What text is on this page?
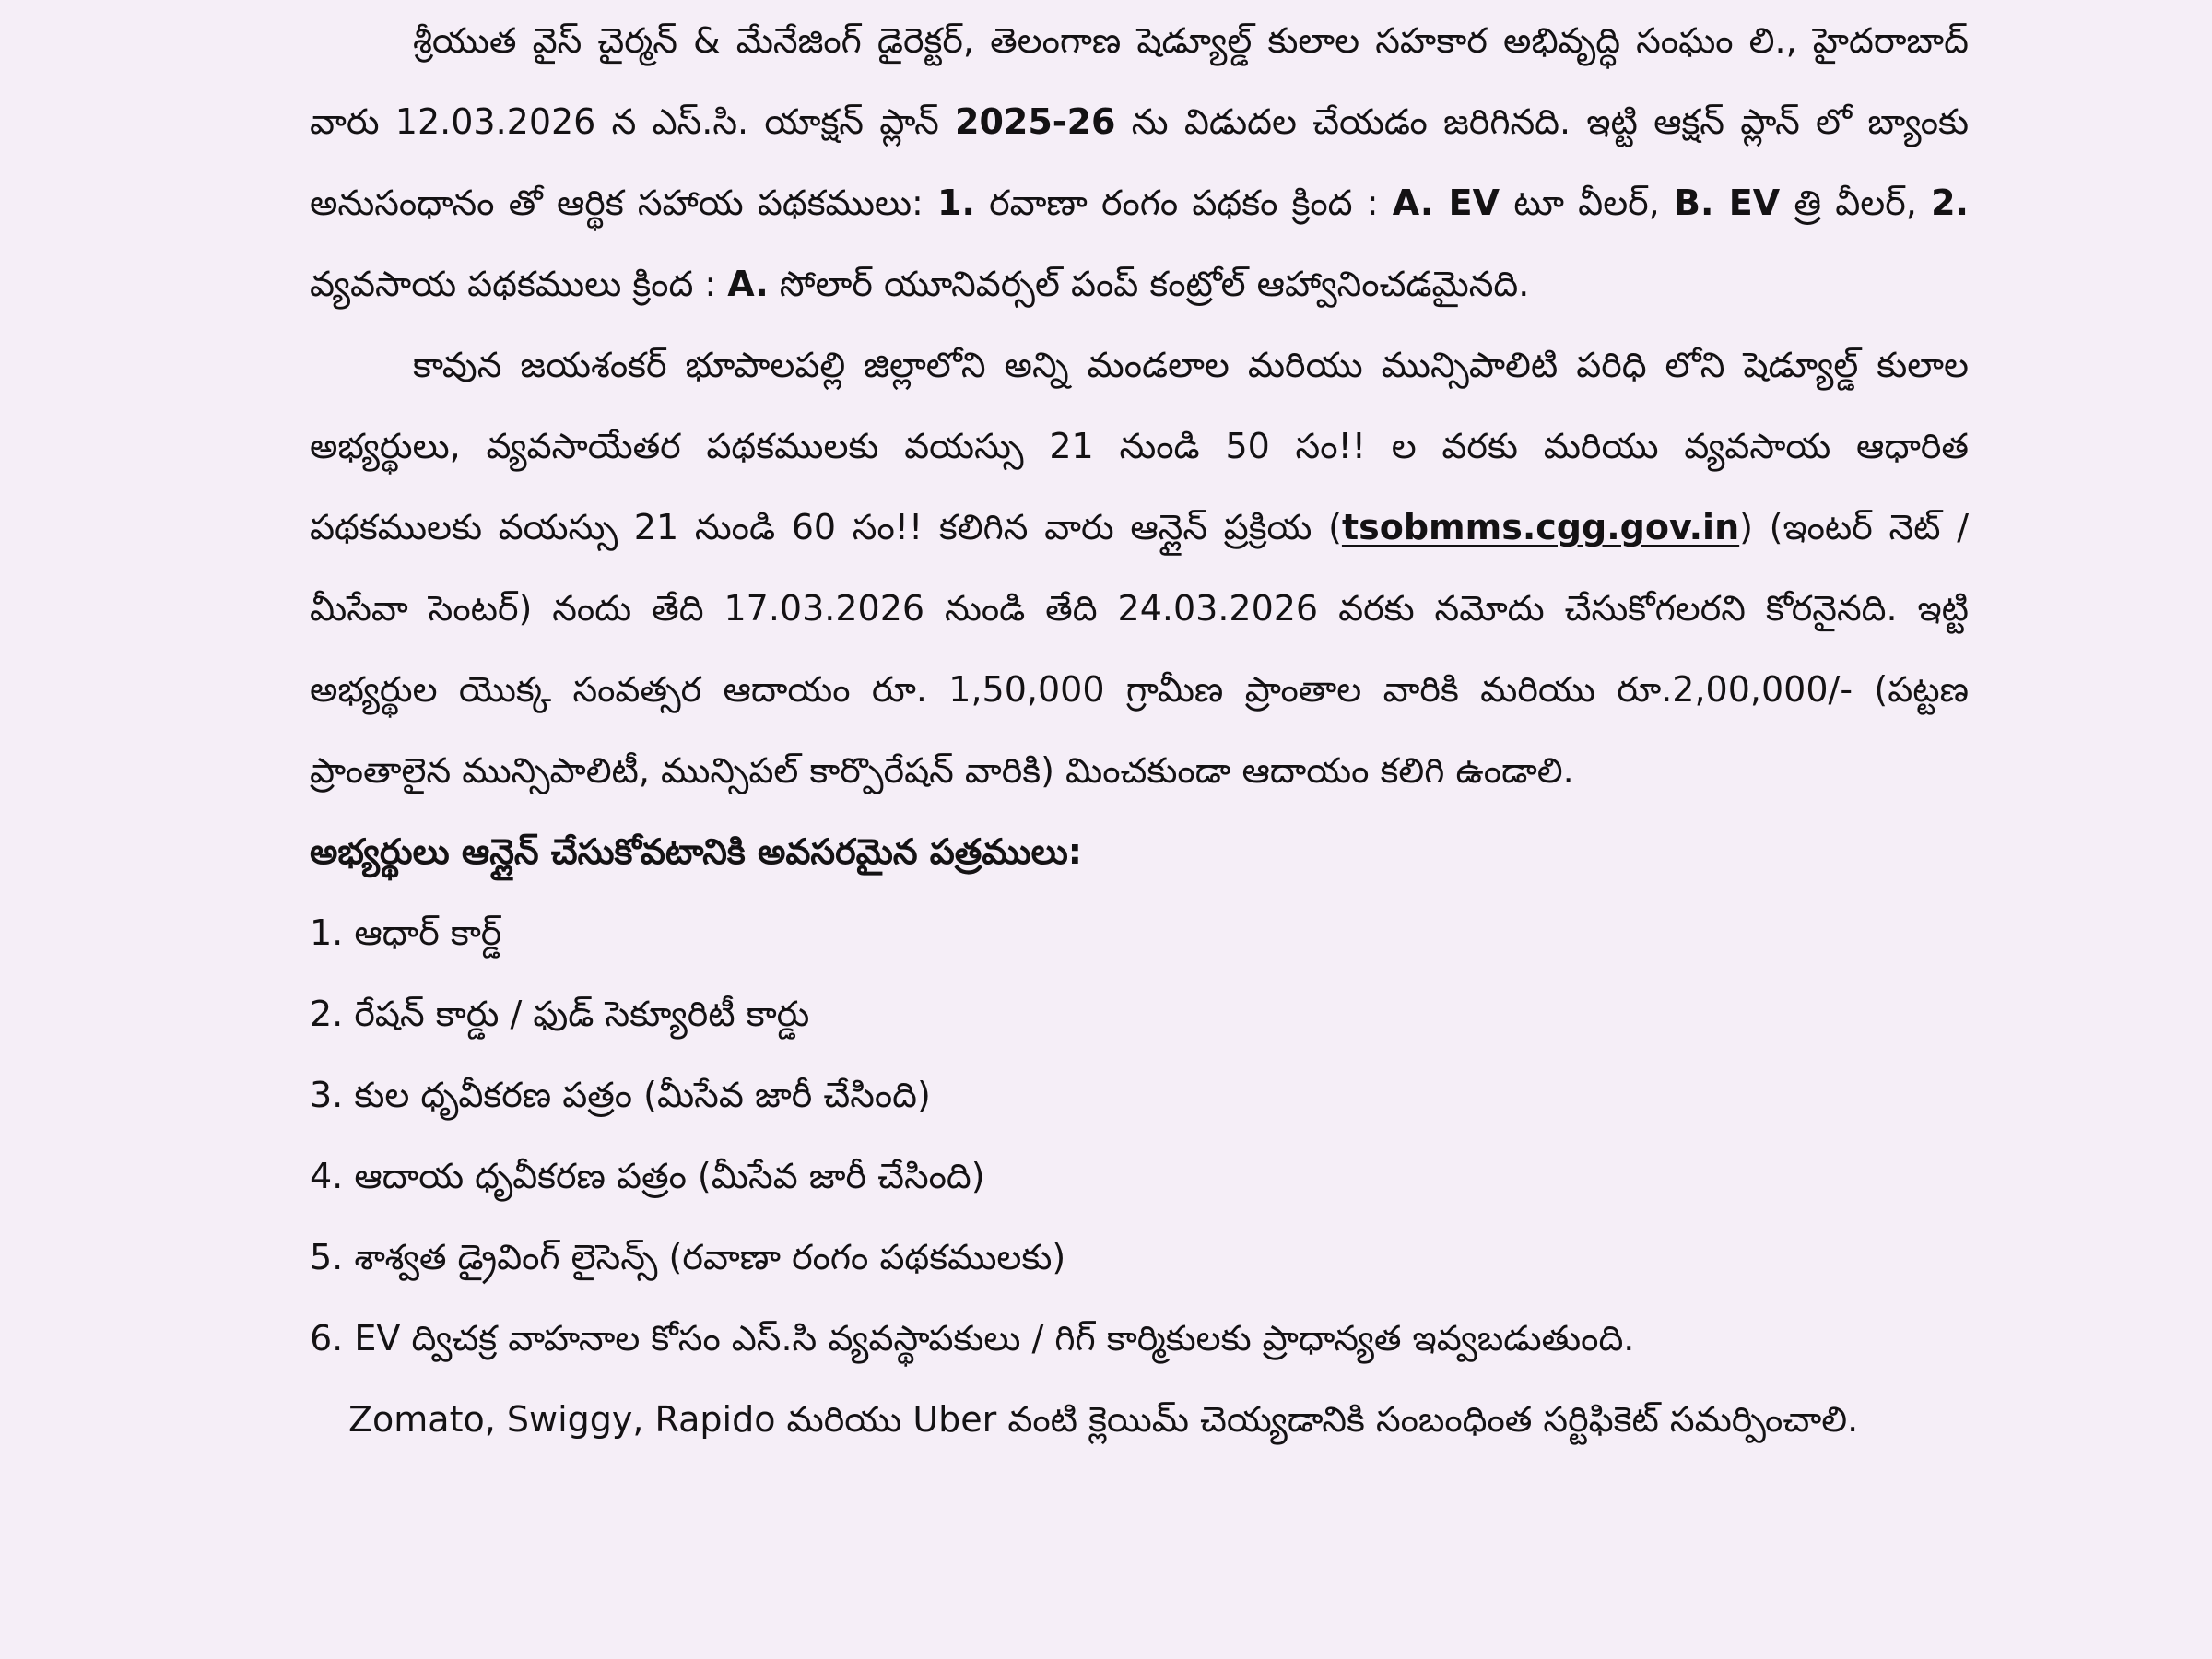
శ్రీయుత వైస్ చైర్మన్ & మేనేజింగ్ డైరెక్టర్, తెలంగాణ షెడ్యూల్డ్ కులాల సహకార అభివృద్ధి సంఘం లి., హైదరాబాద్ వారు 12.03.2026 న ఎస్.సి. యాక్షన్ ప్లాన్ 2025-26 ను విడుదల చేయడం జరిగినది. ఇట్టి ఆక్షన్ ప్లాన్ లో బ్యాంకు అనుసంధానం తో ఆర్థిక సహాయ పథకములు: 1. రవాణా రంగం పథకం క్రింద : A. EV టూ వీలర్, B. EV త్రి వీలర్, 2. వ్యవసాయ పథకములు క్రింద : A. సోలార్ యూనివర్సల్ పంప్ కంట్రోల్ ఆహ్వానించడమైనది.

కావున జయశంకర్ భూపాలపల్లి జిల్లాలోని అన్ని మండలాల మరియు మున్సిపాలిటి పరిధి లోని షెడ్యూల్డ్ కులాల అభ్యర్థులు, వ్యవసాయేతర పథకములకు వయస్సు 21 నుండి 50 సం!! ల వరకు మరియు వ్యవసాయ ఆధారిత పథకములకు వయస్సు 21 నుండి 60 సం!! కలిగిన వారు ఆన్లైన్ ప్రక్రియ (tsobmms.cgg.gov.in) (ఇంటర్ నెట్ / మీసేవా సెంటర్) నందు తేది 17.03.2026 నుండి తేది 24.03.2026 వరకు నమోదు చేసుకోగలరని కోరనైనది. ఇట్టి అభ్యర్థుల యొక్క సంవత్సర ఆదాయం రూ. 1,50,000 గ్రామీణ ప్రాంతాల వారికి మరియు రూ.2,00,000/- (పట్టణ ప్రాంతాలైన మున్సిపాలిటీ, మున్సిపల్ కార్పొరేషన్ వారికి) మించకుండా ఆదాయం కలిగి ఉండాలి.

అభ్యర్థులు ఆన్లైన్ చేసుకోవటానికి అవసరమైన పత్రములు:

1. ఆధార్ కార్డ్
2. రేషన్ కార్డు / ఫుడ్ సెక్యూరిటీ కార్డు
3. కుల ధృవీకరణ పత్రం (మీసేవ జారీ చేసింది)
4. ఆదాయ ధృవీకరణ పత్రం (మీసేవ జారీ చేసింది)
5. శాశ్వత డ్రైవింగ్ లైసెన్స్ (రవాణా రంగం పథకములకు)
6. EV ద్విచక్ర వాహనాల కోసం ఎస్.సి వ్యవస్థాపకులు / గిగ్ కార్మికులకు ప్రాధాన్యత ఇవ్వబడుతుంది.
Zomato, Swiggy, Rapido మరియు Uber వంటి క్లెయిమ్ చెయ్యడానికి సంబంధింత సర్టిఫికెట్ సమర్పించాలి.
